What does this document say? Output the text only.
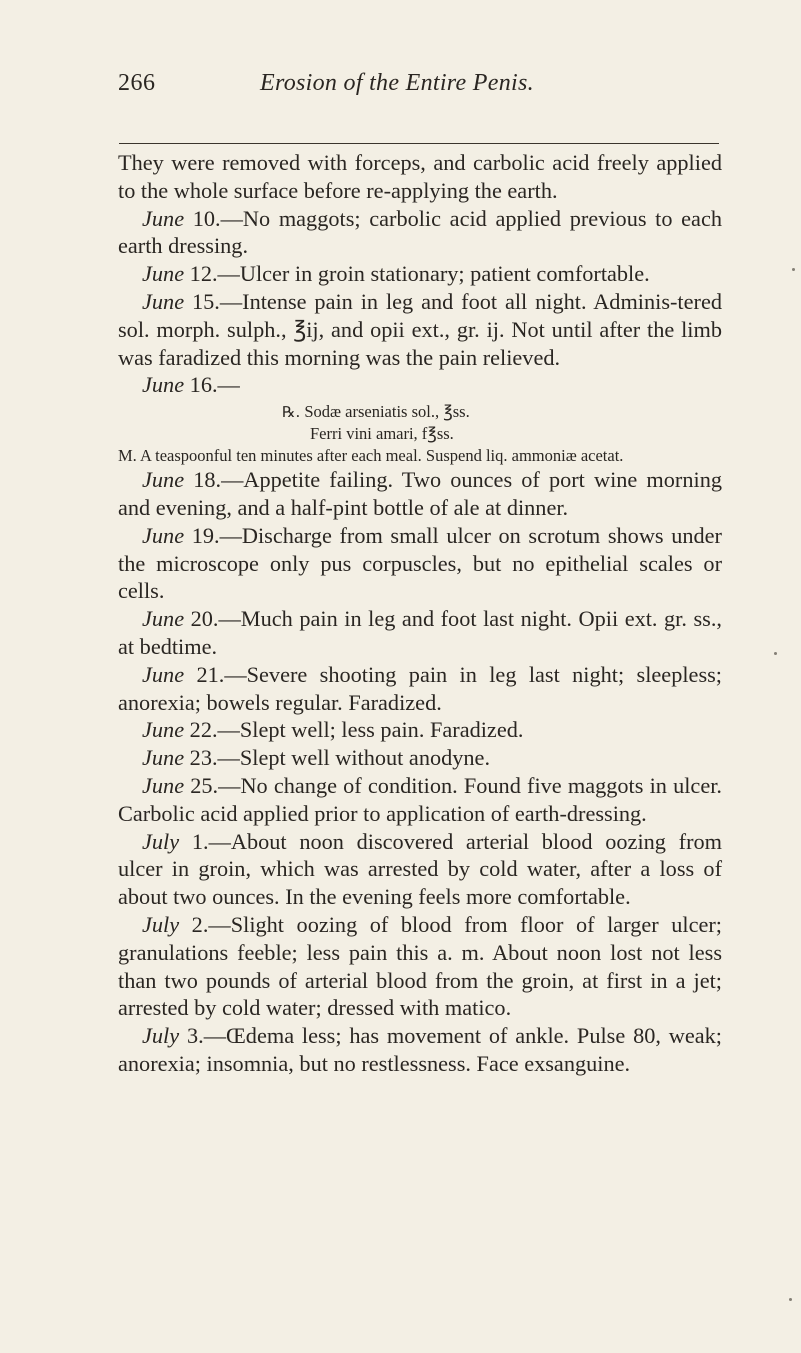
266	Erosion of the Entire Penis.

They were removed with forceps, and carbolic acid freely applied to the whole surface before re-applying the earth.

June 10.—No maggots; carbolic acid applied previous to each earth dressing.

June 12.—Ulcer in groin stationary; patient comfortable.

June 15.—Intense pain in leg and foot all night. Adminis-tered sol. morph. sulph., ℥ij, and opii ext., gr. ij. Not until after the limb was faradized this morning was the pain relieved.

June 16.—

℞. Sodæ arseniatis sol., ℥ss.
Ferri vini amari, f℥ss.
M. A teaspoonful ten minutes after each meal. Suspend liq. ammoniæ acetat.

June 18.—Appetite failing. Two ounces of port wine morning and evening, and a half-pint bottle of ale at dinner.

June 19.—Discharge from small ulcer on scrotum shows under the microscope only pus corpuscles, but no epithelial scales or cells.

June 20.—Much pain in leg and foot last night. Opii ext. gr. ss., at bedtime.

June 21.—Severe shooting pain in leg last night; sleepless; anorexia; bowels regular. Faradized.

June 22.—Slept well; less pain. Faradized.

June 23.—Slept well without anodyne.

June 25.—No change of condition. Found five maggots in ulcer. Carbolic acid applied prior to application of earth-dressing.

July 1.—About noon discovered arterial blood oozing from ulcer in groin, which was arrested by cold water, after a loss of about two ounces. In the evening feels more comfortable.

July 2.—Slight oozing of blood from floor of larger ulcer; granulations feeble; less pain this a. m. About noon lost not less than two pounds of arterial blood from the groin, at first in a jet; arrested by cold water; dressed with matico.

July 3.—Œdema less; has movement of ankle. Pulse 80, weak; anorexia; insomnia, but no restlessness. Face exsanguine.
